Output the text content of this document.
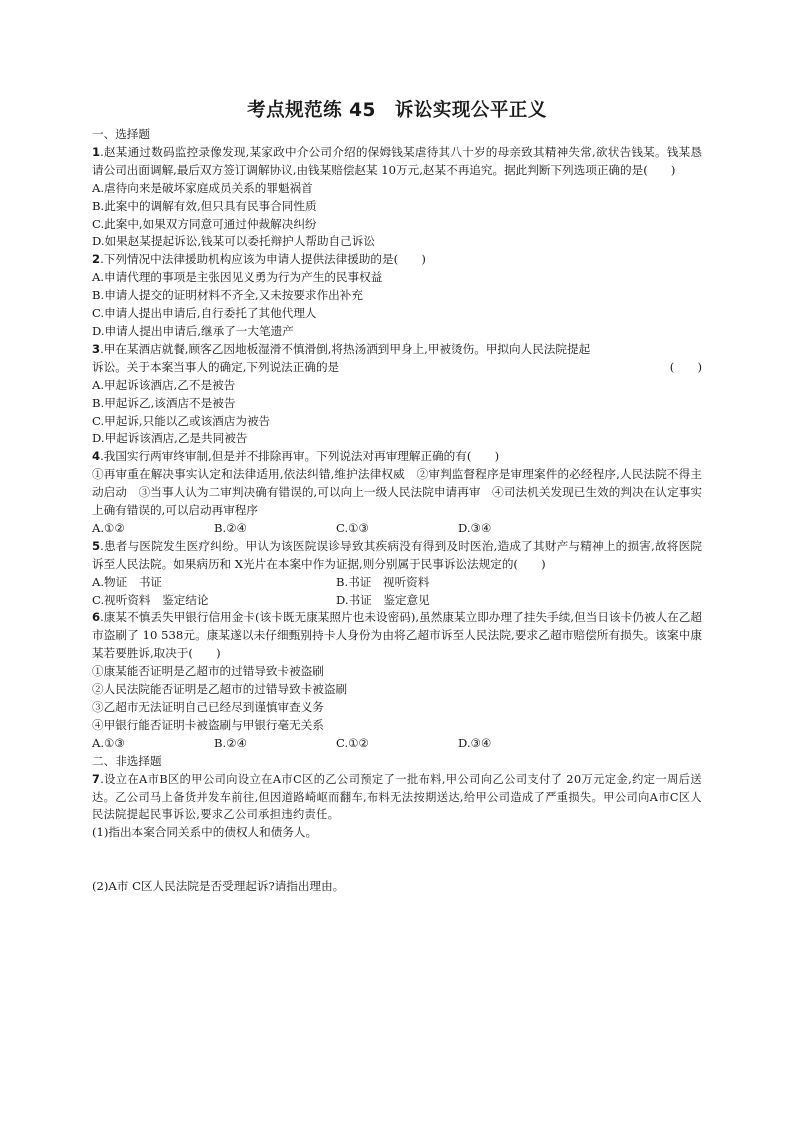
考点规范练 45　诉讼实现公平正义

一、选择题

1.赵某通过数码监控录像发现,某家政中介公司介绍的保姆钱某虐待其八十岁的母亲致其精神失常,欲状告钱某。钱某恳请公司出面调解,最后双方签订调解协议,由钱某赔偿赵某 10万元,赵某不再追究。据此判断下列选项正确的是(　　)

A.虐待向来是破坏家庭成员关系的罪魁祸首

B.此案中的调解有效,但只具有民事合同性质

C.此案中,如果双方同意可通过仲裁解决纠纷

D.如果赵某提起诉讼,钱某可以委托辩护人帮助自己诉讼

2.下列情况中法律援助机构应该为申请人提供法律援助的是(　　)

A.申请代理的事项是主张因见义勇为行为产生的民事权益

B.申请人提交的证明材料不齐全,又未按要求作出补充

C.申请人提出申请后,自行委托了其他代理人

D.申请人提出申请后,继承了一大笔遗产

3.甲在某酒店就餐,顾客乙因地板湿滑不慎滑倒,将热汤洒到甲身上,甲被烫伤。甲拟向人民法院提起

诉讼。关于本案当事人的确定,下列说法正确的是	(　　)

A.甲起诉该酒店,乙不是被告

B.甲起诉乙,该酒店不是被告

C.甲起诉,只能以乙或该酒店为被告

D.甲起诉该酒店,乙是共同被告

4.我国实行两审终审制,但是并不排除再审。下列说法对再审理解正确的有(　　)

①再审重在解决事实认定和法律适用,依法纠错,维护法律权威　②审判监督程序是审理案件的必经程序,人民法院不得主动启动　③当事人认为二审判决确有错误的,可以向上一级人民法院申请再审　④司法机关发现已生效的判决在认定事实上确有错误的,可以启动再审程序

A.①②	B.②④	C.①③	D.③④

5.患者与医院发生医疗纠纷。甲认为该医院误诊导致其疾病没有得到及时医治,造成了其财产与精神上的损害,故将医院诉至人民法院。如果病历和 X光片在本案中作为证据,则分别属于民事诉讼法规定的(　　)

A.物证　书证	B.书证　视听资料

C.视听资料　鉴定结论	D.书证　鉴定意见

6.康某不慎丢失甲银行信用金卡(该卡既无康某照片也未设密码),虽然康某立即办理了挂失手续,但当日该卡仍被人在乙超市盗刷了 10 538元。康某遂以未仔细甄别持卡人身份为由将乙超市诉至人民法院,要求乙超市赔偿所有损失。该案中康某若要胜诉,取决于(　　)

①康某能否证明是乙超市的过错导致卡被盗刷

②人民法院能否证明是乙超市的过错导致卡被盗刷

③乙超市无法证明自己已经尽到谨慎审查义务

④甲银行能否证明卡被盗刷与甲银行毫无关系

A.①③	B.②④	C.①②	D.③④

二、非选择题

7.设立在A市B区的甲公司向设立在A市C区的乙公司预定了一批布料,甲公司向乙公司支付了 20万元定金,约定一周后送达。乙公司马上备货并发车前往,但因道路崎岖而翻车,布料无法按期送达,给甲公司造成了严重损失。甲公司向A市C区人民法院提起民事诉讼,要求乙公司承担违约责任。

(1)指出本案合同关系中的债权人和债务人。

(2)A市 C区人民法院是否受理起诉?请指出理由。
